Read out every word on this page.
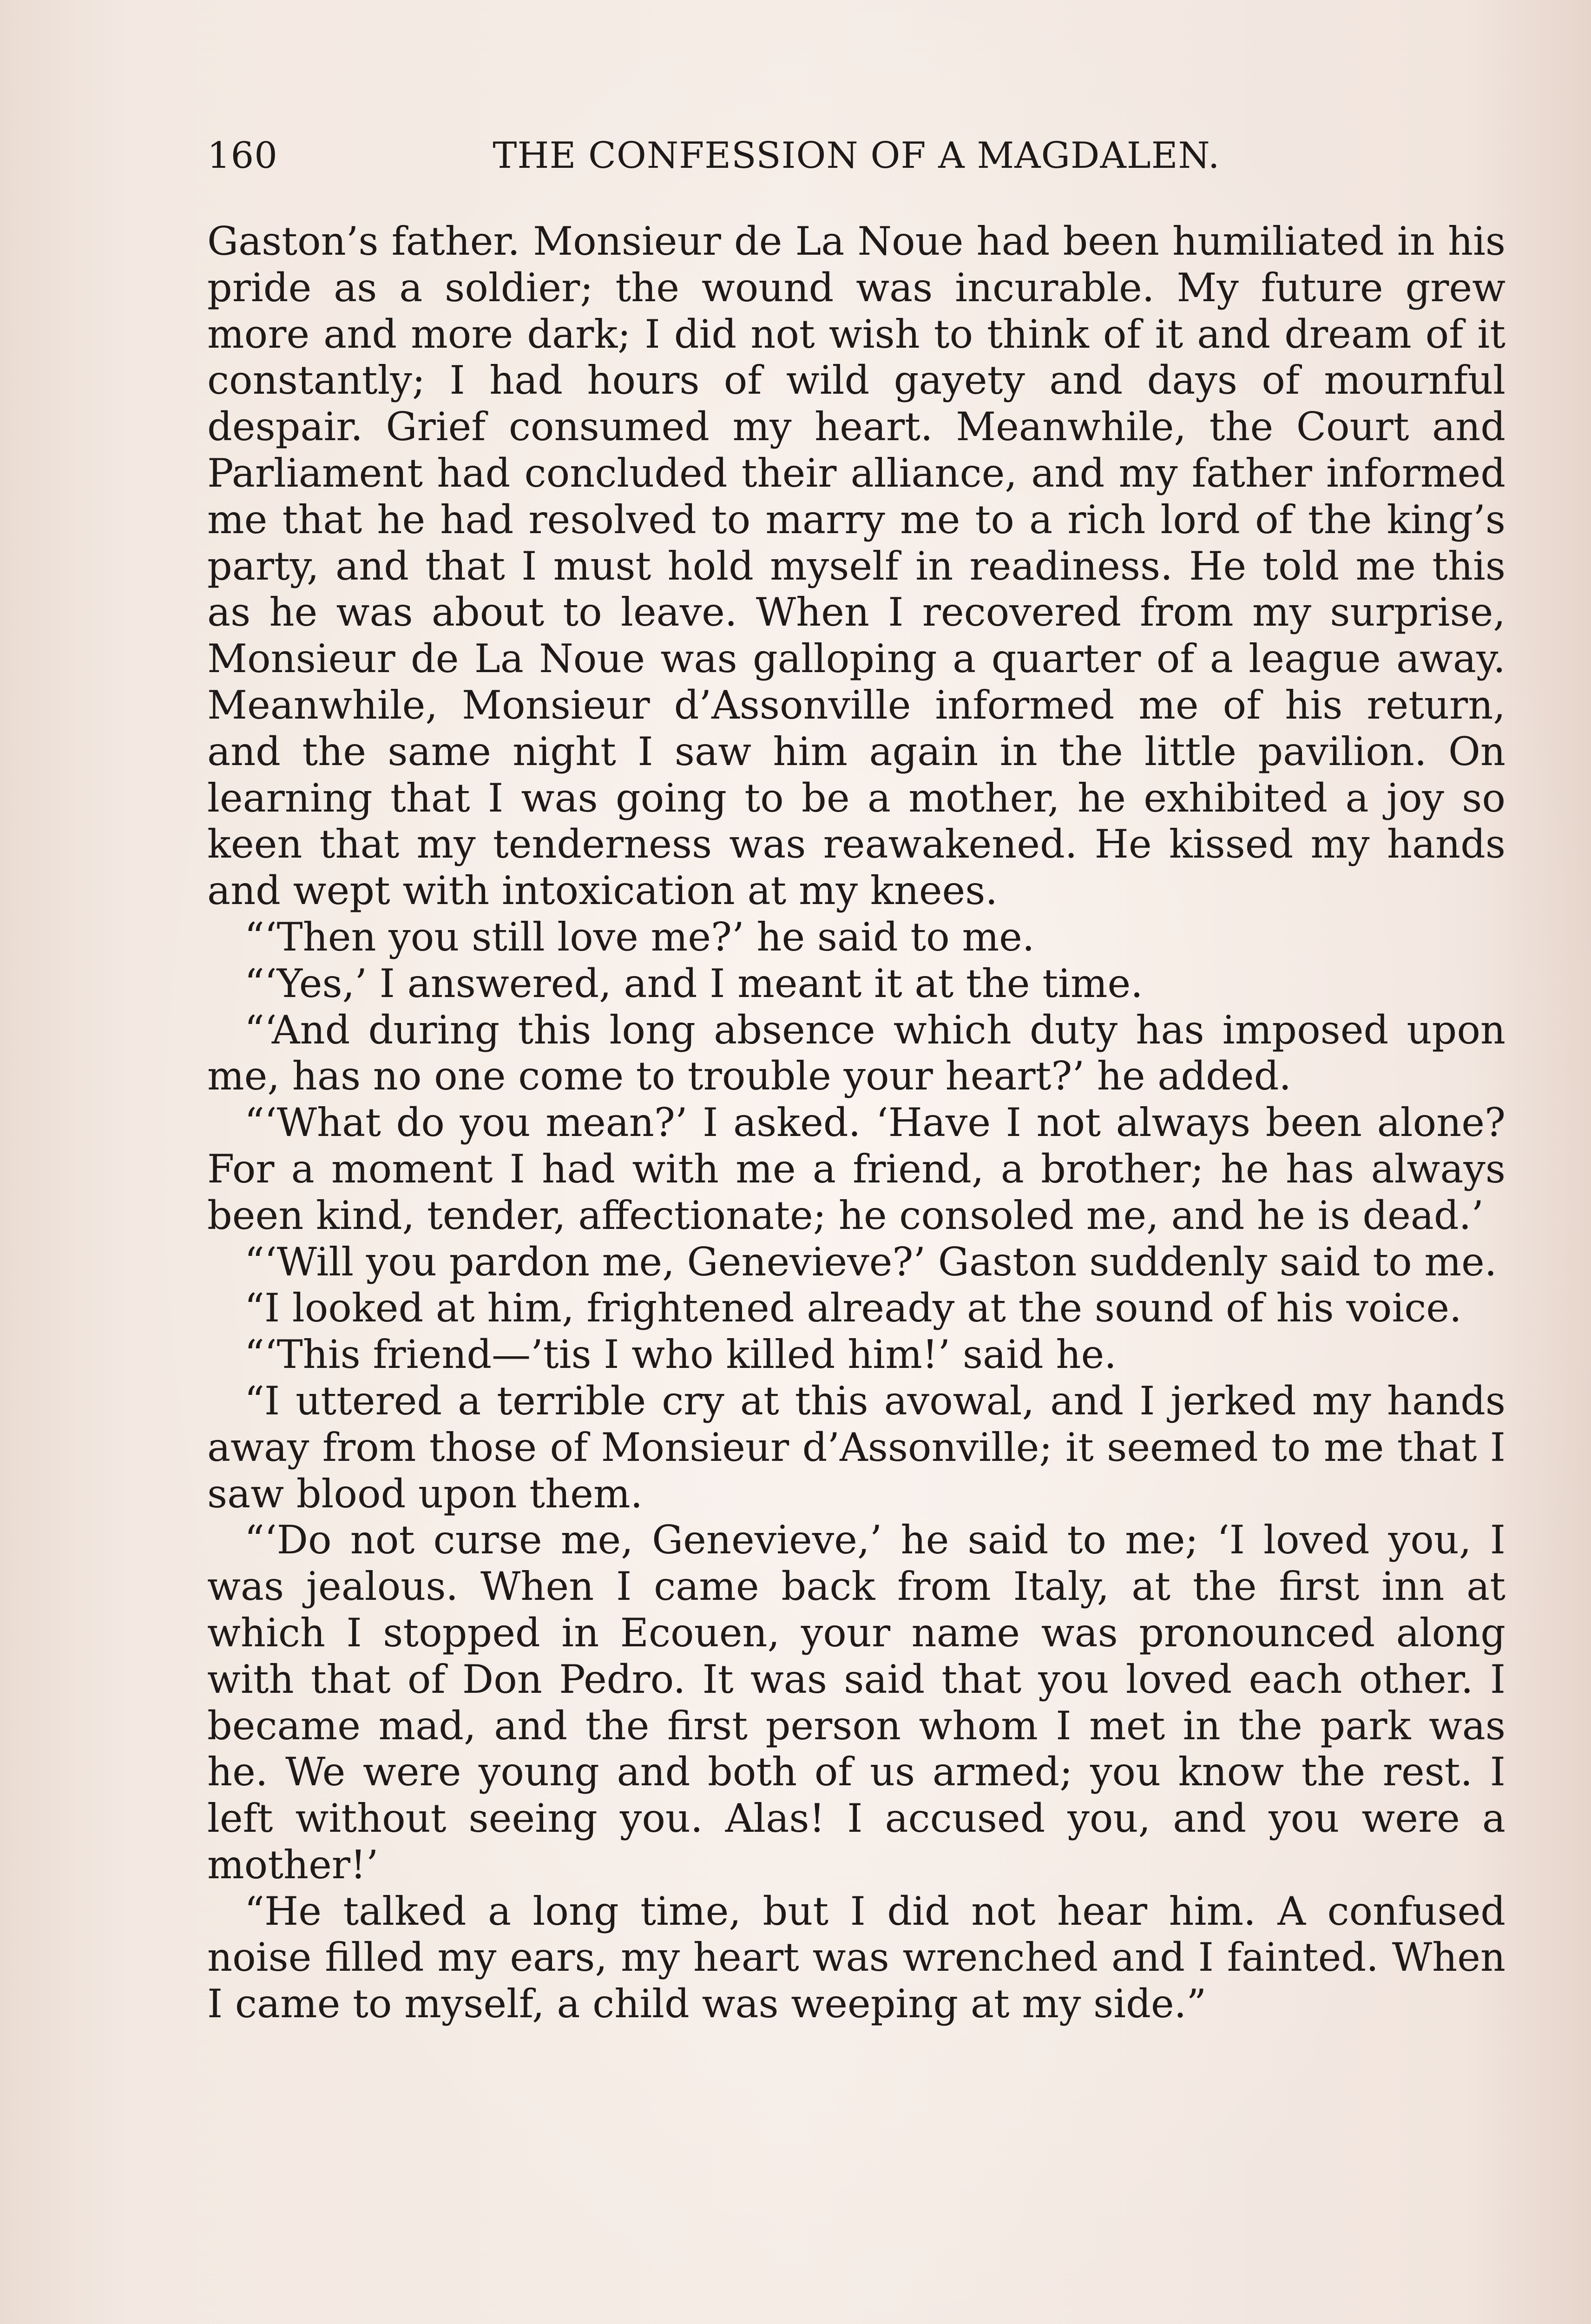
160	THE CONFESSION OF A MAGDALEN.

Gaston’s father. Monsieur de La Noue had been humiliated in his pride as a soldier; the wound was incurable. My future grew more and more dark; I did not wish to think of it and dream of it constantly; I had hours of wild gayety and days of mournful despair. Grief consumed my heart. Meanwhile, the Court and Parliament had concluded their alliance, and my father informed me that he had resolved to marry me to a rich lord of the king’s party, and that I must hold myself in readiness. He told me this as he was about to leave. When I recovered from my surprise, Monsieur de La Noue was galloping a quarter of a league away. Meanwhile, Monsieur d’Assonville informed me of his return, and the same night I saw him again in the little pavilion. On learning that I was going to be a mother, he exhibited a joy so keen that my tenderness was reawakened. He kissed my hands and wept with intoxication at my knees.

“‘Then you still love me?’ he said to me.

“‘Yes,’ I answered, and I meant it at the time.

“‘And during this long absence which duty has imposed upon me, has no one come to trouble your heart?’ he added.

“‘What do you mean?’ I asked. ‘Have I not always been alone? For a moment I had with me a friend, a brother; he has always been kind, tender, affectionate; he consoled me, and he is dead.’

“‘Will you pardon me, Genevieve?’ Gaston suddenly said to me.

“I looked at him, frightened already at the sound of his voice.

“‘This friend—’tis I who killed him!’ said he.

“I uttered a terrible cry at this avowal, and I jerked my hands away from those of Monsieur d’Assonville; it seemed to me that I saw blood upon them.

“‘Do not curse me, Genevieve,’ he said to me; ‘I loved you, I was jealous. When I came back from Italy, at the first inn at which I stopped in Ecouen, your name was pronounced along with that of Don Pedro. It was said that you loved each other. I became mad, and the first person whom I met in the park was he. We were young and both of us armed; you know the rest. I left without seeing you. Alas! I accused you, and you were a mother!’

“He talked a long time, but I did not hear him. A confused noise filled my ears, my heart was wrenched and I fainted. When I came to myself, a child was weeping at my side.”
